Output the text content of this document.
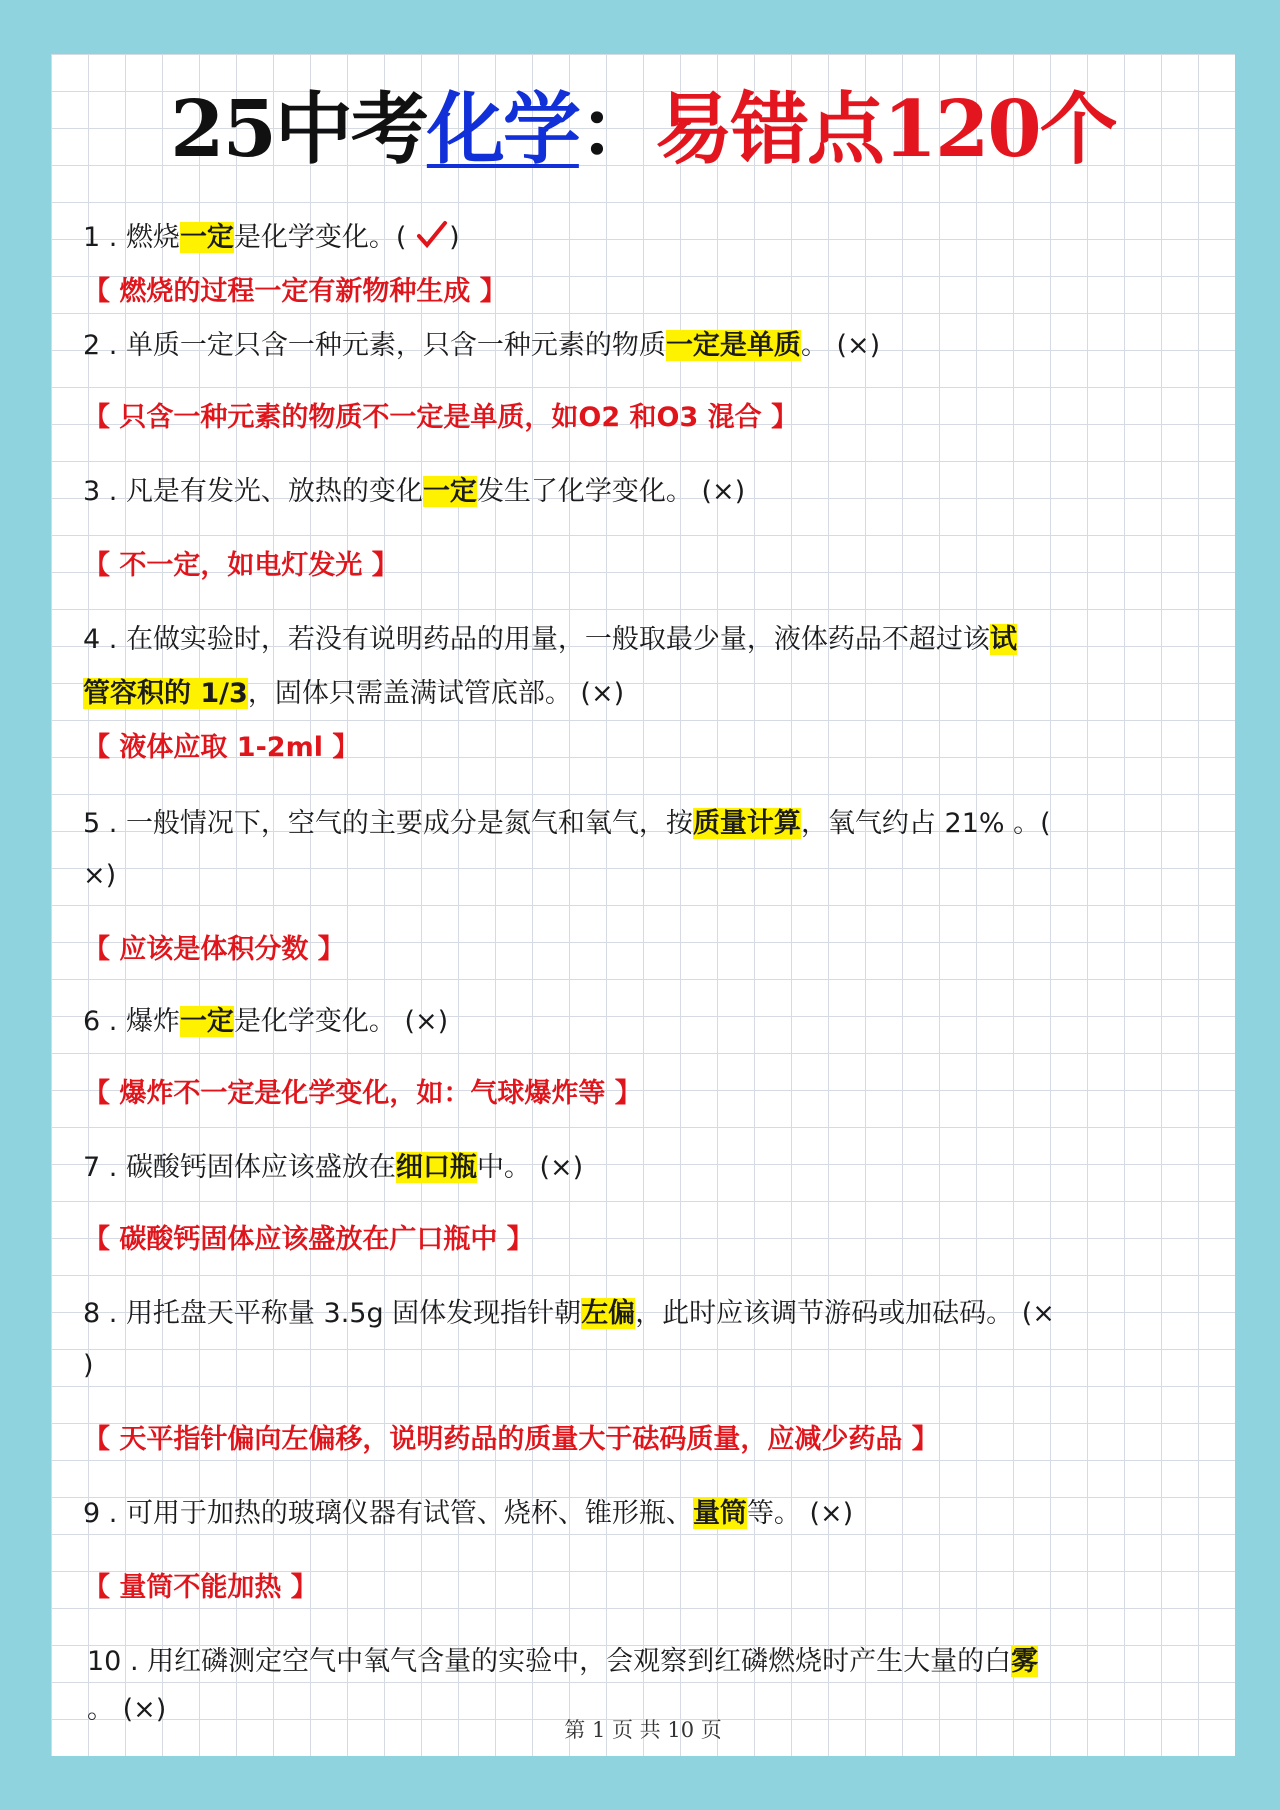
25中考化学：易错点120个
1 . 燃烧一定是化学变化。( )
【 燃烧的过程一定有新物种生成 】
2 . 单质一定只含一种元素，只含一种元素的物质一定是单质。 (×)
【 只含一种元素的物质不一定是单质，如O2 和O3 混合 】
3 . 凡是有发光、放热的变化一定发生了化学变化。 (×)
【 不一定，如电灯发光 】
4 . 在做实验时，若没有说明药品的用量，一般取最少量，液体药品不超过该试
管容积的 1/3，固体只需盖满试管底部。 (×)
【 液体应取 1-2ml 】
5 . 一般情况下，空气的主要成分是氮气和氧气，按质量计算，氧气约占 21% 。(
×)
【 应该是体积分数 】
6 . 爆炸一定是化学变化。 (×)
【 爆炸不一定是化学变化，如：气球爆炸等 】
7 . 碳酸钙固体应该盛放在细口瓶中。 (×)
【 碳酸钙固体应该盛放在广口瓶中 】
8 . 用托盘天平称量 3.5g 固体发现指针朝左偏，此时应该调节游码或加砝码。 (×
)
【 天平指针偏向左偏移，说明药品的质量大于砝码质量，应减少药品 】
9 . 可用于加热的玻璃仪器有试管、烧杯、锥形瓶、量筒等。 (×)
【 量筒不能加热 】
10 . 用红磷测定空气中氧气含量的实验中，会观察到红磷燃烧时产生大量的白雾
。 (×)
第 1 页 共 10 页
